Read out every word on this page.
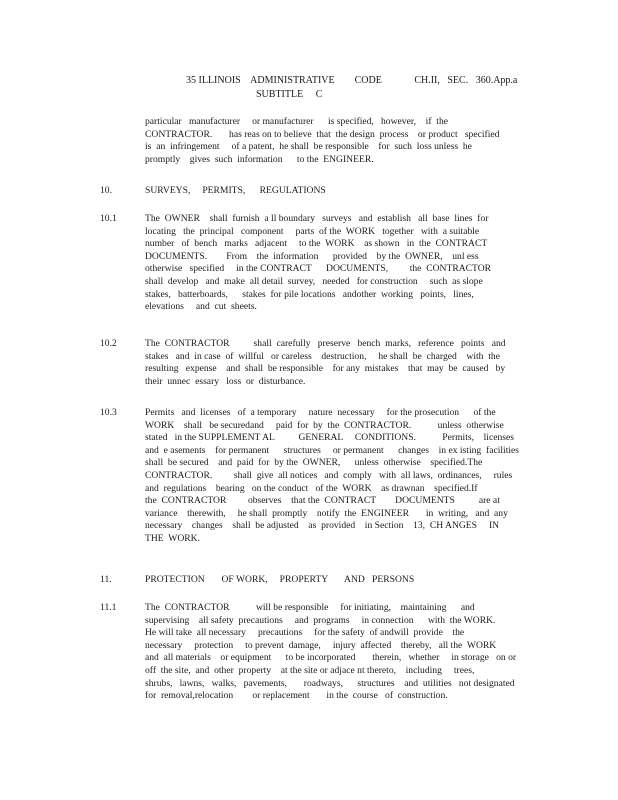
35 ILLINOIS    ADMINISTRATIVE        CODE             CH.II,   SEC.   360.App.a
SUBTITLE     C
particular   manufacturer     or manufacturer      is specified,   however,    if  the
CONTRACTOR.       has reas on to believe  that  the design  process    or product   specified
is  an  infringement     of a patent,  he shall  be responsible    for  such  loss unless  he
promptly    gives  such  information      to the  ENGINEER.
10.	SURVEYS,     PERMITS,      REGULATIONS
10.1	The  OWNER    shall  furnish  a ll boundary   surveys   and  establish   all  base  lines  for
locating   the  principal   component     parts  of the  WORK   together   with  a suitable
number   of  bench   marks   adjacent     to the  WORK    as shown   in  the  CONTRACT
DOCUMENTS.        From    the  information      provided    by the  OWNER,    unl ess
otherwise   specified     in the CONTRACT      DOCUMENTS,         the  CONTRACTOR
shall  develop   and  make  all detail  survey,   needed   for construction     such  as slope
stakes,   batterboards,      stakes  for pile locations   andother  working   points,   lines,
elevations     and  cut  sheets.
10.2	The  CONTRACTOR          shall  carefully   preserve   bench  marks,   reference   points   and
stakes   and  in case  of  willful   or careless    destruction,     he shall  be  charged    with  the
resulting   expense    and  shall  be responsible    for any  mistakes    that  may  be  caused   by
their  unnec  essary   loss  or  disturbance.
10.3	Permits   and  licenses   of  a temporary     nature  necessary     for the prosecution      of the
WORK    shall   be securedand     paid  for  by  the  CONTRACTOR.           unless  otherwise
stated   in the SUPPLEMENT AL          GENERAL     CONDITIONS.           Permits,    licenses
and  e asements    for permanent      structures     or permanent      changes    in ex isting  facilities
shall  be secured    and  paid  for  by the  OWNER,      unless  otherwise    specified.The
CONTRACTOR.         shall  give  all notices   and  comply   with  all laws,  ordinances,     rules
and  regulations    bearing   on the conduct   of the  WORK    as drawnan    specified.If
the  CONTRACTOR         observes    that the  CONTRACT        DOCUMENTS          are at
variance    therewith,     he shall  promptly    notify  the  ENGINEER       in  writing,   and  any
necessary    changes    shall  be adjusted    as  provided    in Section    13,  CH ANGES     IN
THE  WORK.
11.	PROTECTION       OF WORK,     PROPERTY       AND   PERSONS
11.1	The  CONTRACTOR           will be responsible     for initiating,    maintaining      and
supervising    all safety  precautions     and  programs     in connection      with  the WORK.
He will take  all necessary     precautions     for the safety  of andwill  provide    the
necessary     protection     to prevent  damage,     injury  affected    thereby,   all the  WORK
and  all materials    or equipment      to be incorporated       therein,   whether     in storage   on or
off  the site,  and  other  property    at the site or adjace nt thereto,    including     trees,
shrubs,   lawns,   walks,   pavements,       roadways,      structures    and  utilities   not designated
for  removal,relocation        or replacement       in the  course   of  construction.
